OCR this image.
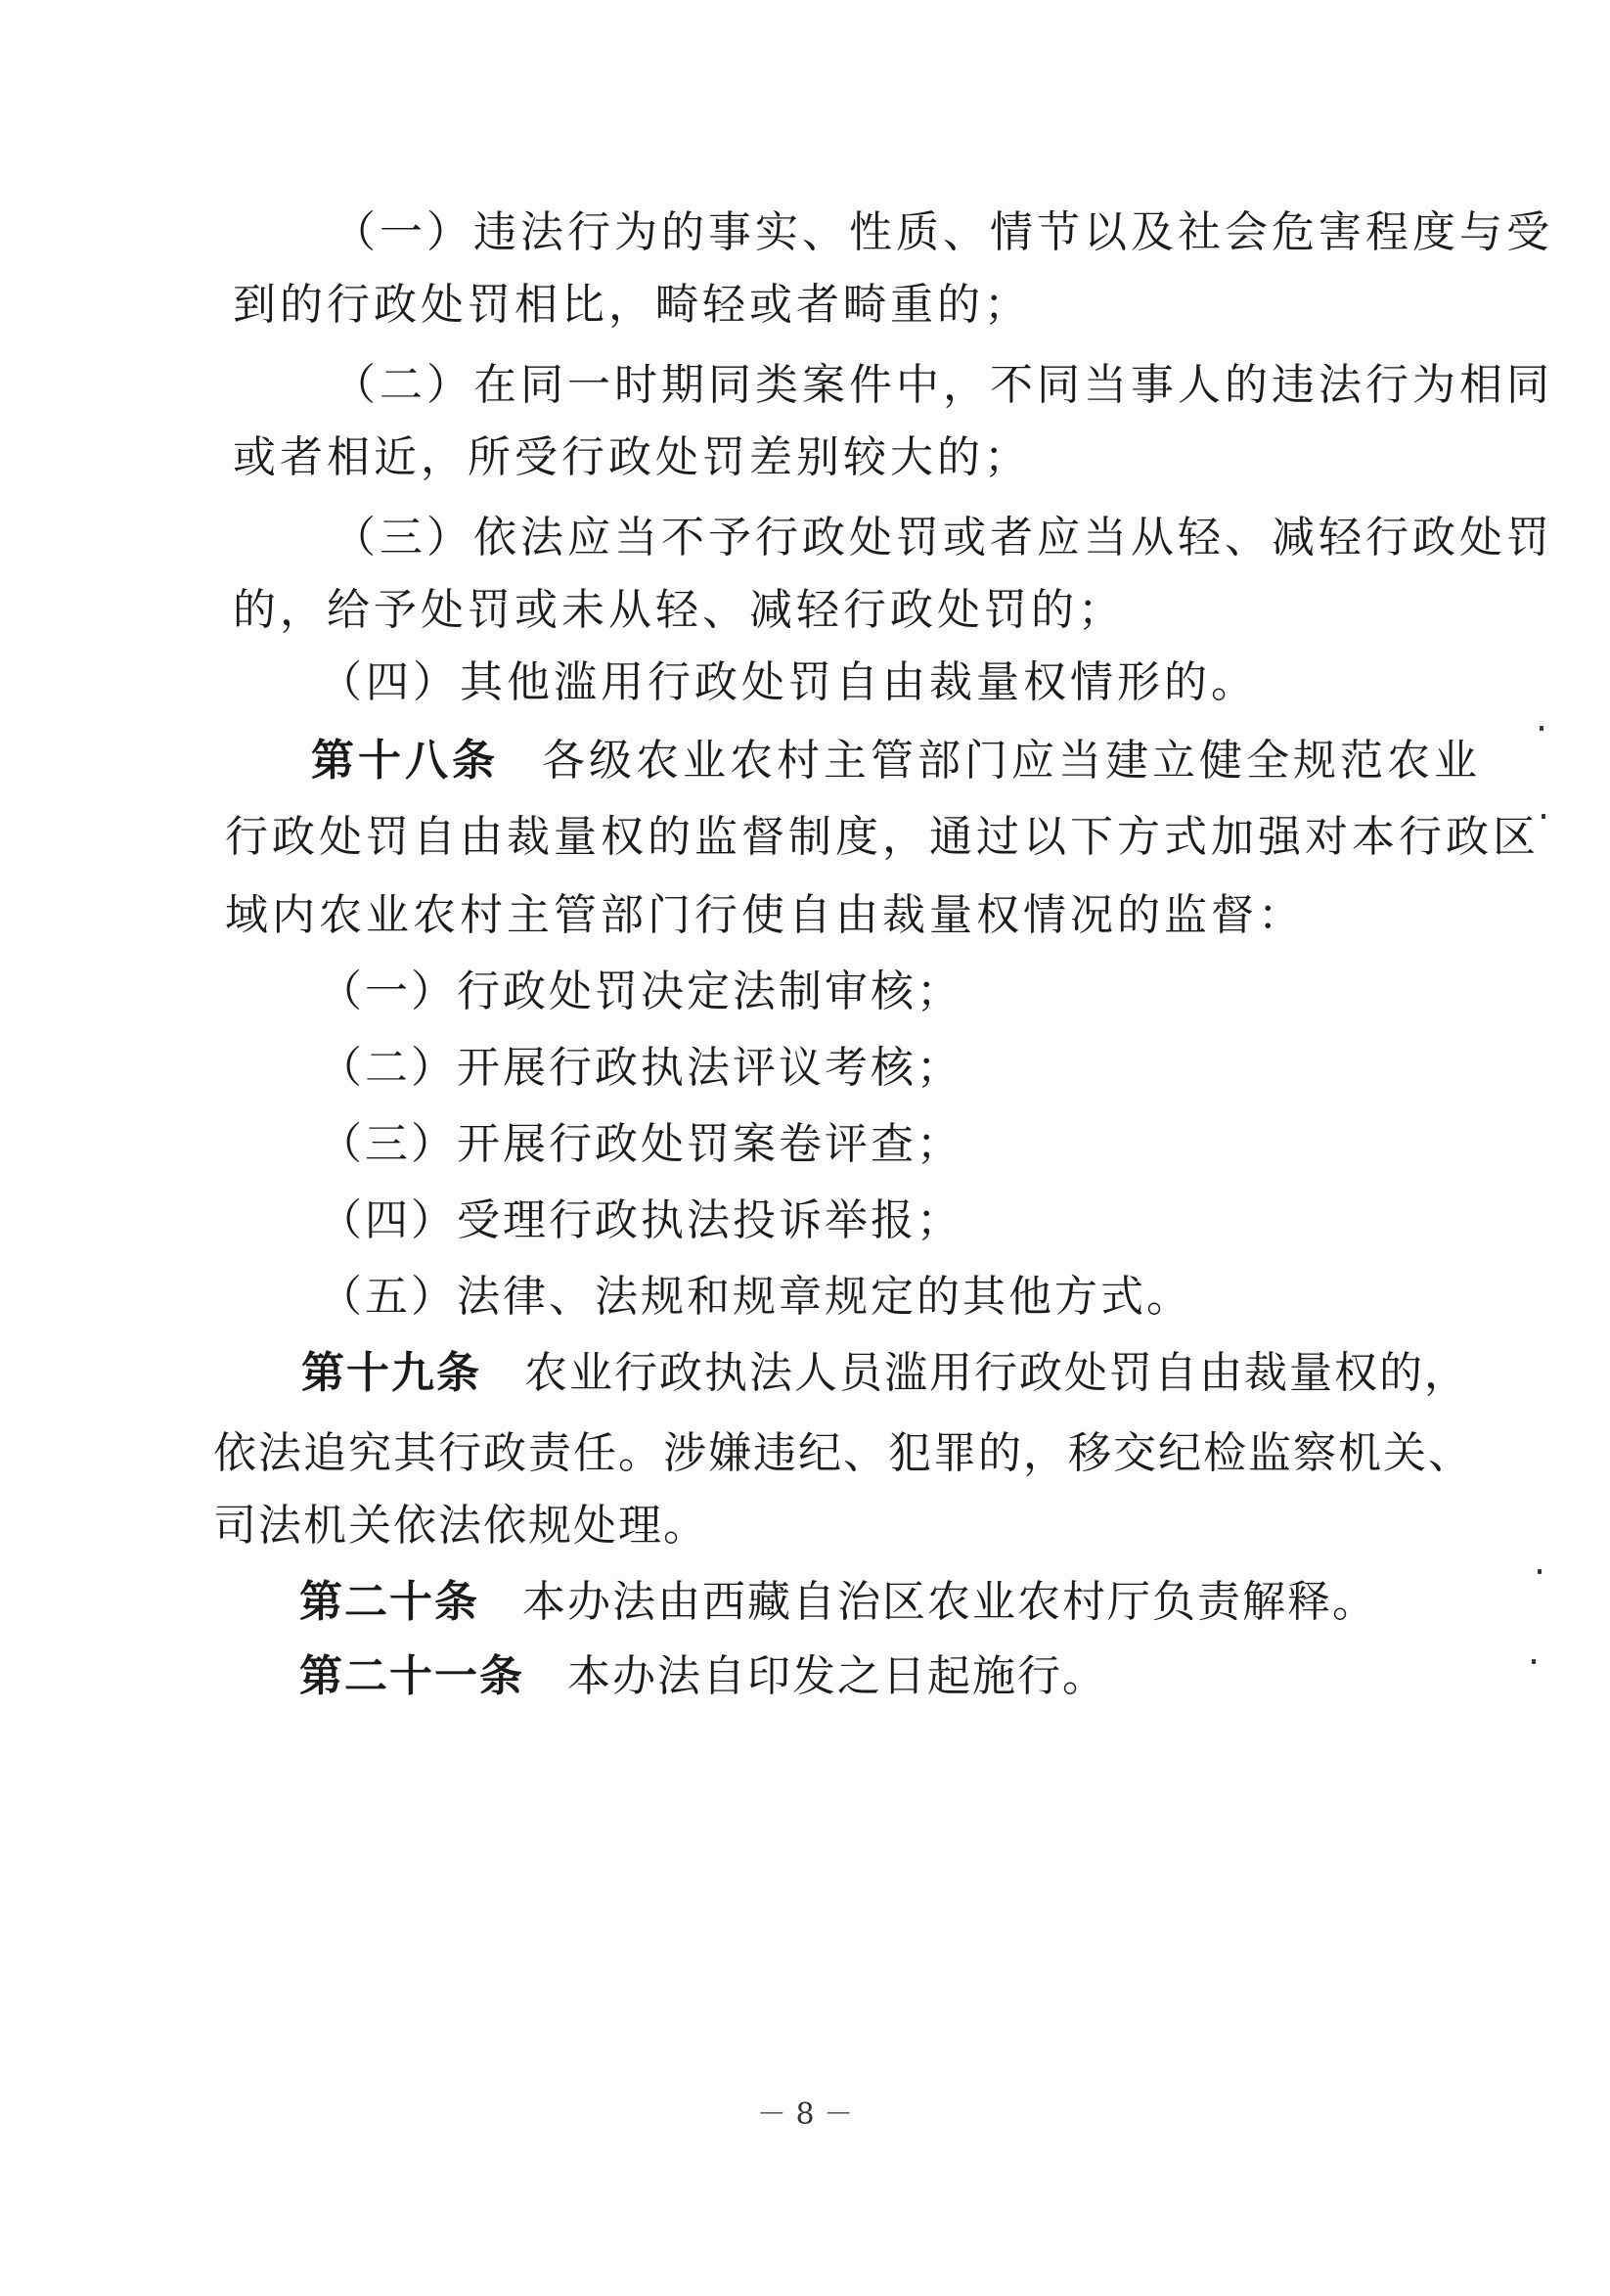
（一）违法行为的事实、性质、情节以及社会危害程度与受
到的行政处罚相比，畸轻或者畸重的；
（二）在同一时期同类案件中，不同当事人的违法行为相同
或者相近，所受行政处罚差别较大的；
（三）依法应当不予行政处罚或者应当从轻、减轻行政处罚
的，给予处罚或未从轻、减轻行政处罚的；
（四）其他滥用行政处罚自由裁量权情形的。
第十八条 各级农业农村主管部门应当建立健全规范农业
行政处罚自由裁量权的监督制度，通过以下方式加强对本行政区
域内农业农村主管部门行使自由裁量权情况的监督：
（一）行政处罚决定法制审核；
（二）开展行政执法评议考核；
（三）开展行政处罚案卷评查；
（四）受理行政执法投诉举报；
（五）法律、法规和规章规定的其他方式。
第十九条 农业行政执法人员滥用行政处罚自由裁量权的，
依法追究其行政责任。涉嫌违纪、犯罪的，移交纪检监察机关、
司法机关依法依规处理。
第二十条 本办法由西藏自治区农业农村厅负责解释。
第二十一条 本办法自印发之日起施行。
－ 8 －
